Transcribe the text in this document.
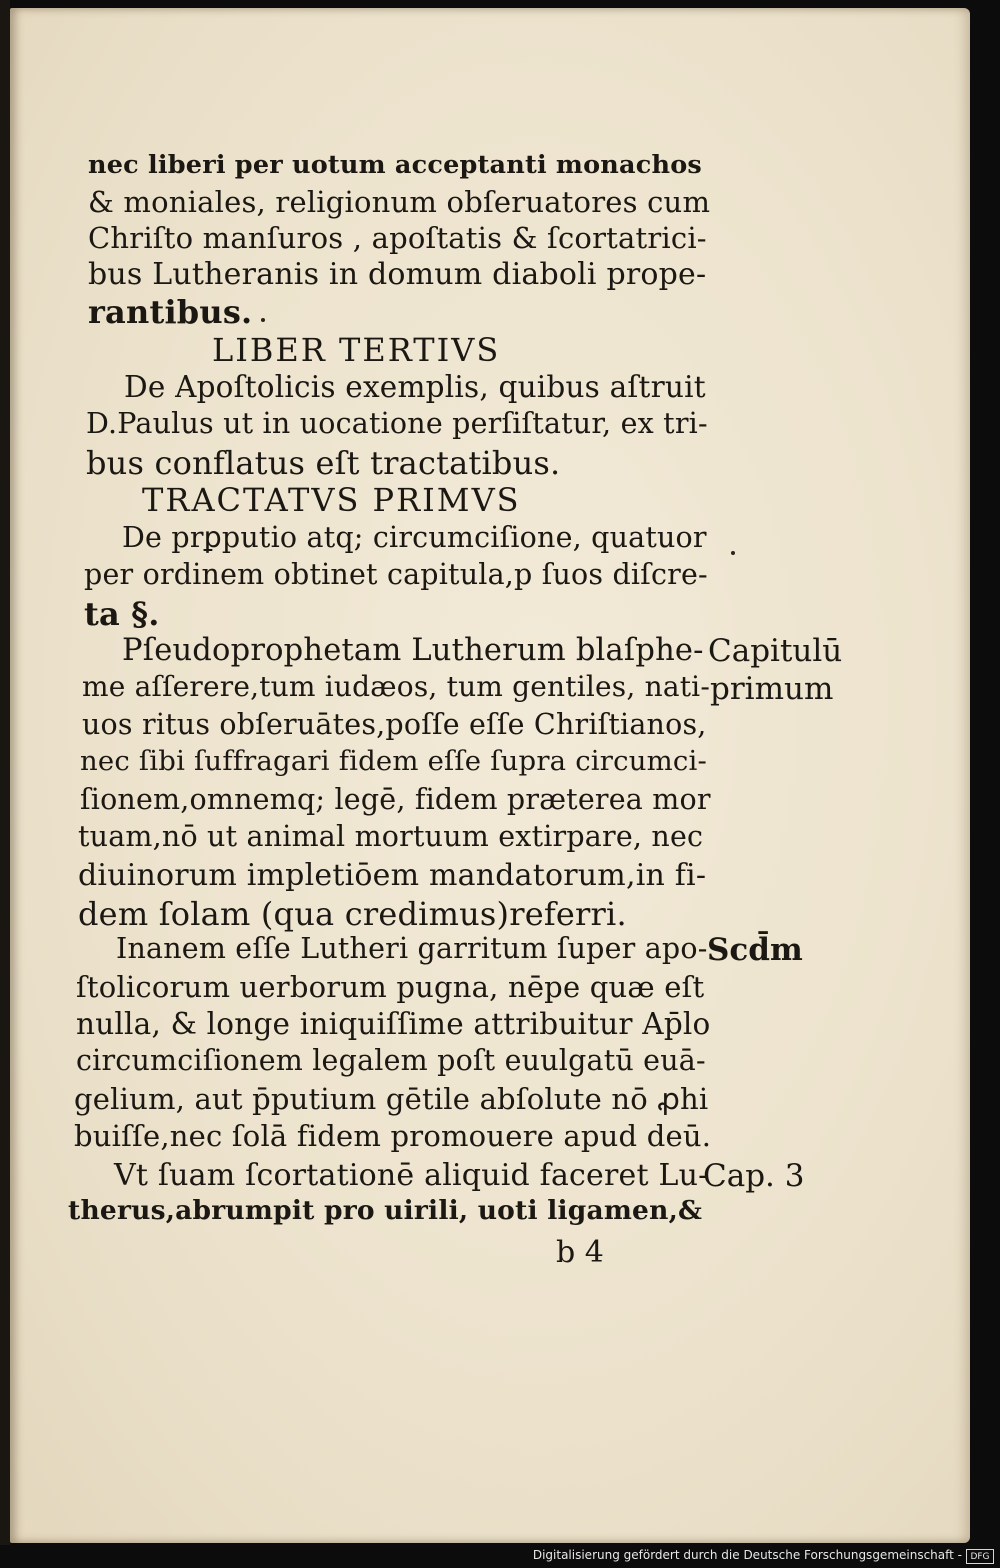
nec liberi per uotum acceptanti monachos
& moniales, religionum obſeruatores cum
Chriſto manſuros , apoſtatis & ſcortatrici-
bus Lutheranis in domum diaboli prope-
rantibus.
LIBER TERTIVS
De Apoſtolicis exemplis, quibus aſtruit
D.Paulus ut in uocatione perſiſtatur, ex tri-
bus conflatus eſt tractatibus.
TRACTATVS PRIMVS
De prꝑputio atq; circumciſione, quatuor
per ordinem obtinet capitula,p ſuos diſcre-
ta §.
Pſeudoprophetam Lutherum blaſphe-
me aſſerere,tum iudæos, tum gentiles, nati-
uos ritus obſeruātes,poſſe eſſe Chriſtianos,
nec ſibi ſuffragari fidem eſſe ſupra circumci-
ſionem,omnemq; legē, fidem præterea mor
tuam,nō ut animal mortuum extirpare, nec
diuinorum impletiōem mandatorum,in fi-
dem ſolam (qua credimus)referri.
Inanem eſſe Lutheri garritum ſuper apo-
ſtolicorum uerborum pugna, nēpe quæ eſt
nulla, & longe iniquiſſime attribuitur Ap̄lo
circumciſionem legalem poſt euulgatū euā-
gelium, aut p̄putium gētile abſolute nō ꝓhi
buiſſe,nec ſolā fidem promouere apud deū.
Vt ſuam ſcortationē aliquid faceret Lu-
therus,abrumpit pro uirili, uoti ligamen,&
Capitulū
primum
Scd̄m
Cap. 3
b 4
Digitalisierung gefördert durch die Deutsche Forschungsgemeinschaft - DFG
